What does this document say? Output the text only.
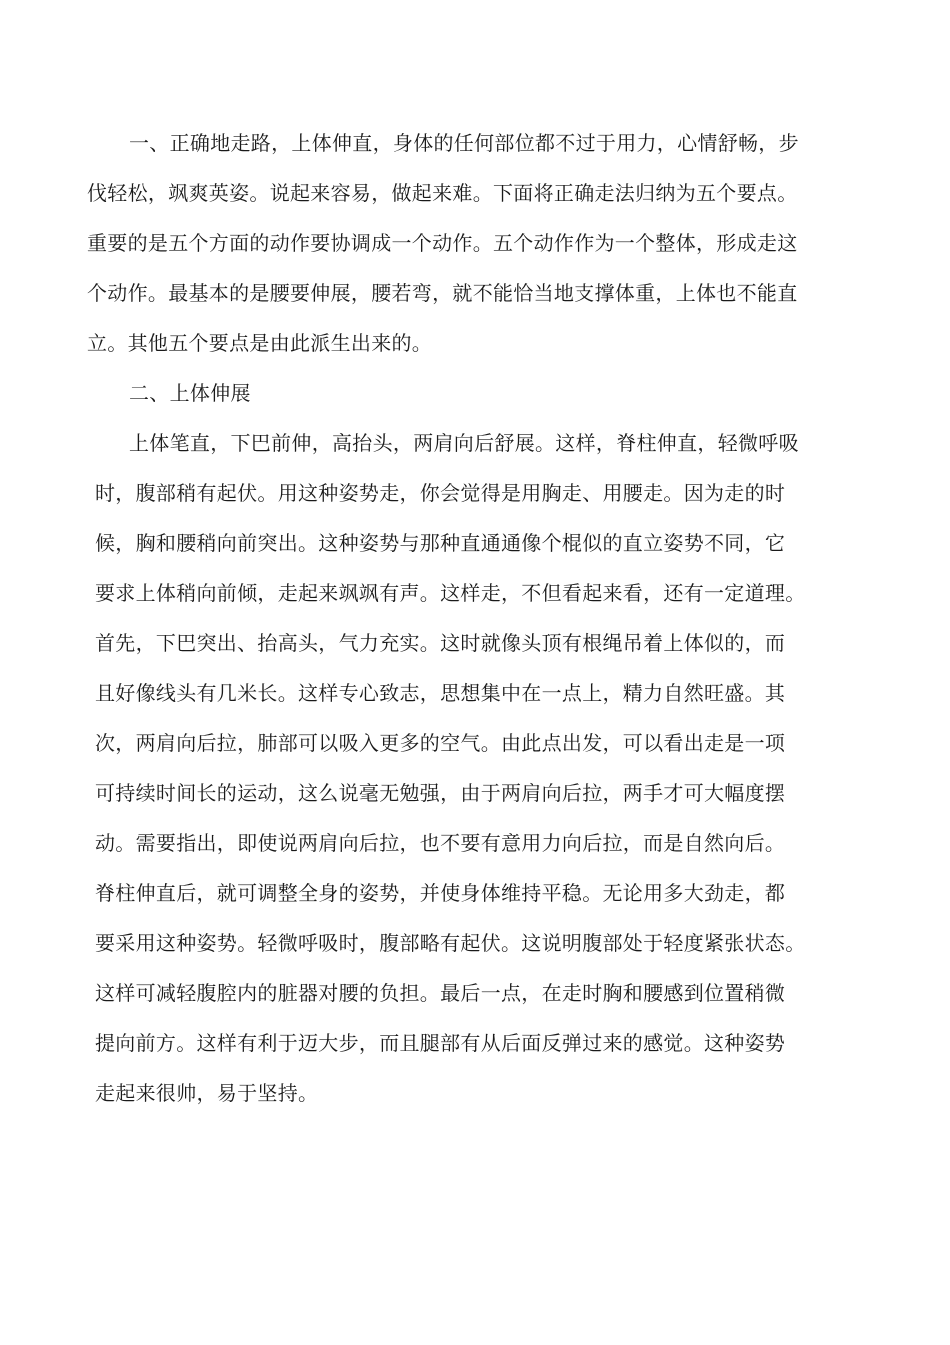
一、正确地走路，上体伸直，身体的任何部位都不过于用力，心情舒畅，步
伐轻松，飒爽英姿。说起来容易，做起来难。下面将正确走法归纳为五个要点。
重要的是五个方面的动作要协调成一个动作。五个动作作为一个整体，形成走这
个动作。最基本的是腰要伸展，腰若弯，就不能恰当地支撑体重，上体也不能直
立。其他五个要点是由此派生出来的。
二、上体伸展
上体笔直，下巴前伸，高抬头，两肩向后舒展。这样，脊柱伸直，轻微呼吸
时，腹部稍有起伏。用这种姿势走，你会觉得是用胸走、用腰走。因为走的时
候，胸和腰稍向前突出。这种姿势与那种直通通像个棍似的直立姿势不同，它
要求上体稍向前倾，走起来飒飒有声。这样走，不但看起来看，还有一定道理。
首先，下巴突出、抬高头，气力充实。这时就像头顶有根绳吊着上体似的，而
且好像线头有几米长。这样专心致志，思想集中在一点上，精力自然旺盛。其
次，两肩向后拉，肺部可以吸入更多的空气。由此点出发，可以看出走是一项
可持续时间长的运动，这么说毫无勉强，由于两肩向后拉，两手才可大幅度摆
动。需要指出，即使说两肩向后拉，也不要有意用力向后拉，而是自然向后。
脊柱伸直后，就可调整全身的姿势，并使身体维持平稳。无论用多大劲走，都
要采用这种姿势。轻微呼吸时，腹部略有起伏。这说明腹部处于轻度紧张状态。
这样可减轻腹腔内的脏器对腰的负担。最后一点，在走时胸和腰感到位置稍微
提向前方。这样有利于迈大步，而且腿部有从后面反弹过来的感觉。这种姿势
走起来很帅，易于坚持。
